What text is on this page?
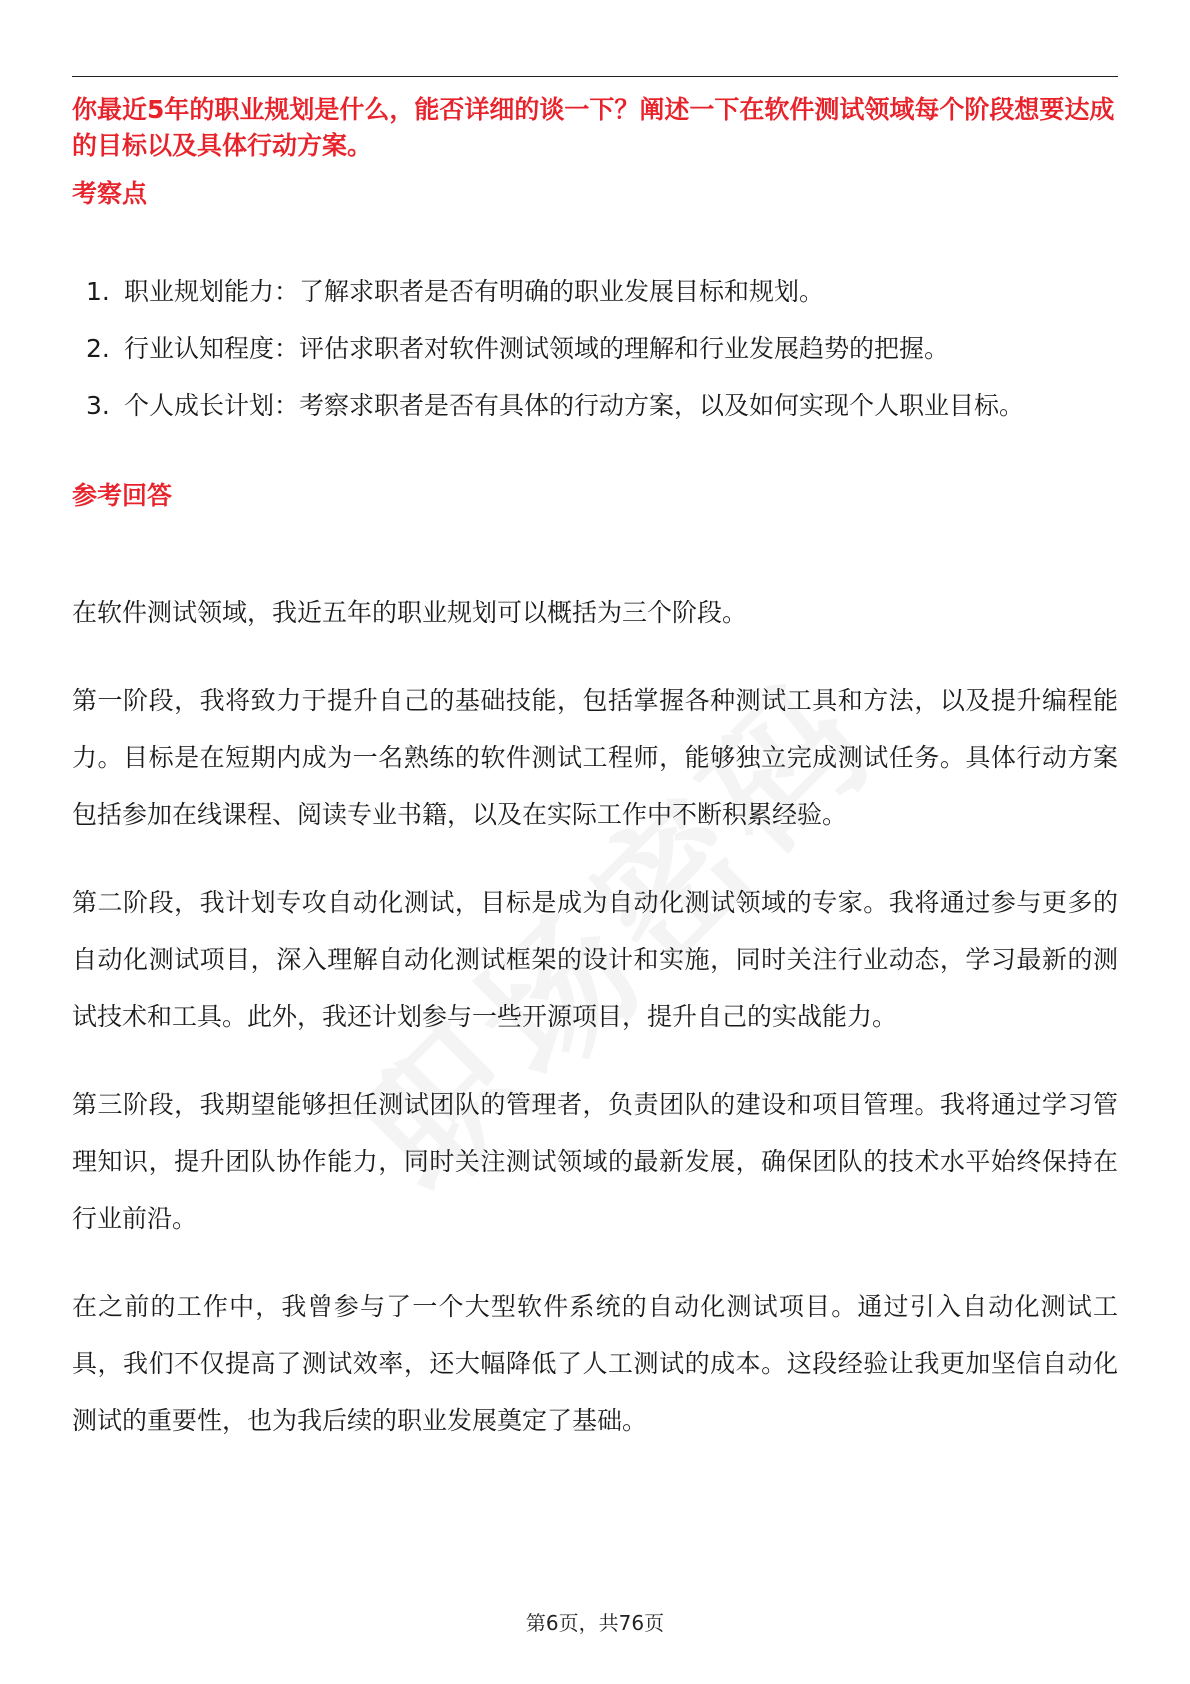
你最近5年的职业规划是什么，能否详细的谈一下？阐述一下在软件测试领域每个阶段想要达成的目标以及具体行动方案。

考察点
1. 职业规划能力：了解求职者是否有明确的职业发展目标和规划。
2. 行业认知程度：评估求职者对软件测试领域的理解和行业发展趋势的把握。
3. 个人成长计划：考察求职者是否有具体的行动方案，以及如何实现个人职业目标。
参考回答

在软件测试领域，我近五年的职业规划可以概括为三个阶段。

第一阶段，我将致力于提升自己的基础技能，包括掌握各种测试工具和方法，以及提升编程能力。目标是在短期内成为一名熟练的软件测试工程师，能够独立完成测试任务。具体行动方案包括参加在线课程、阅读专业书籍，以及在实际工作中不断积累经验。

第二阶段，我计划专攻自动化测试，目标是成为自动化测试领域的专家。我将通过参与更多的自动化测试项目，深入理解自动化测试框架的设计和实施，同时关注行业动态，学习最新的测试技术和工具。此外，我还计划参与一些开源项目，提升自己的实战能力。

第三阶段，我期望能够担任测试团队的管理者，负责团队的建设和项目管理。我将通过学习管理知识，提升团队协作能力，同时关注测试领域的最新发展，确保团队的技术水平始终保持在行业前沿。

在之前的工作中，我曾参与了一个大型软件系统的自动化测试项目。通过引入自动化测试工具，我们不仅提高了测试效率，还大幅降低了人工测试的成本。这段经验让我更加坚信自动化测试的重要性，也为我后续的职业发展奠定了基础。

第6页，共76页
